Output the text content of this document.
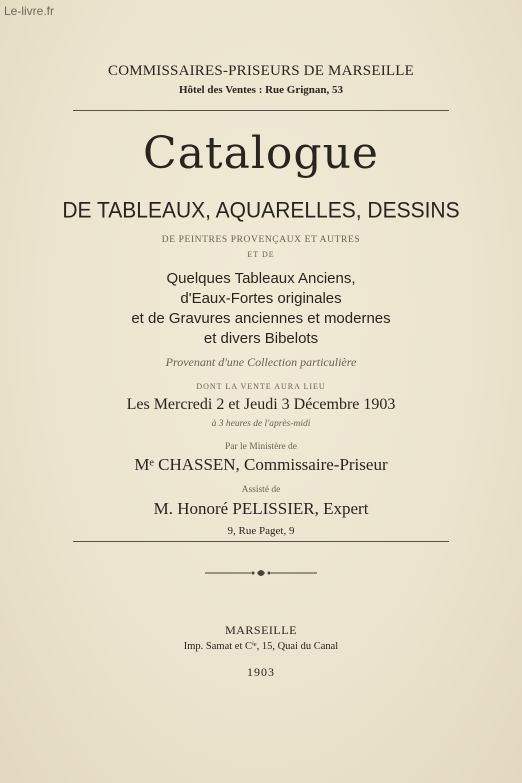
Le-livre.fr
COMMISSAIRES-PRISEURS DE MARSEILLE
Hôtel des Ventes : Rue Grignan, 53
Catalogue
DE TABLEAUX, AQUARELLES, DESSINS
DE PEINTRES PROVENÇAUX ET AUTRES
ET DE
Quelques Tableaux Anciens,
d'Eaux-Fortes originales
et de Gravures anciennes et modernes
et divers Bibelots
Provenant d'une Collection particulière
DONT LA VENTE AURA LIEU
Les Mercredi 2 et Jeudi 3 Décembre 1903
à 3 heures de l'après-midi
Par le Ministère de
Mᵉ CHASSEN, Commissaire-Priseur
Assisté de
M. Honoré PELISSIER, Expert
9, Rue Paget, 9
MARSEILLE
Imp. Samat et Cⁱᵉ, 15, Quai du Canal
1903
